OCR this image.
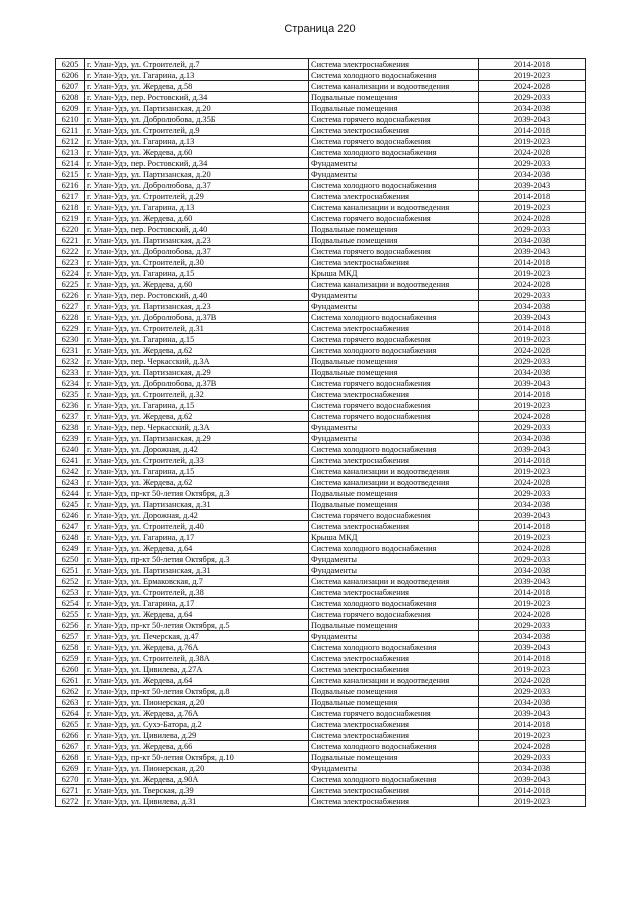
Страница 220
6205	г. Улан-Удэ, ул. Строителей, д.7	Система электроснабжения	2014-2018
6206	г. Улан-Удэ, ул. Гагарина, д.13	Система холодного водоснабжения	2019-2023
6207	г. Улан-Удэ, ул. Жердева, д.58	Система канализации и водоотведения	2024-2028
6208	г. Улан-Удэ, пер. Ростовский, д.34	Подвальные помещения	2029-2033
6209	г. Улан-Удэ, ул. Партизанская, д.20	Подвальные помещения	2034-2038
6210	г. Улан-Удэ, ул. Добролюбова, д.35Б	Система горячего водоснабжения	2039-2043
6211	г. Улан-Удэ, ул. Строителей, д.9	Система электроснабжения	2014-2018
6212	г. Улан-Удэ, ул. Гагарина, д.13	Система горячего водоснабжения	2019-2023
6213	г. Улан-Удэ, ул. Жердева, д.60	Система холодного водоснабжения	2024-2028
6214	г. Улан-Удэ, пер. Ростовский, д.34	Фундаменты	2029-2033
6215	г. Улан-Удэ, ул. Партизанская, д.20	Фундаменты	2034-2038
6216	г. Улан-Удэ, ул. Добролюбова, д.37	Система холодного водоснабжения	2039-2043
6217	г. Улан-Удэ, ул. Строителей, д.29	Система электроснабжения	2014-2018
6218	г. Улан-Удэ, ул. Гагарина, д.13	Система канализации и водоотведения	2019-2023
6219	г. Улан-Удэ, ул. Жердева, д.60	Система горячего водоснабжения	2024-2028
6220	г. Улан-Удэ, пер. Ростовский, д.40	Подвальные помещения	2029-2033
6221	г. Улан-Удэ, ул. Партизанская, д.23	Подвальные помещения	2034-2038
6222	г. Улан-Удэ, ул. Добролюбова, д.37	Система горячего водоснабжения	2039-2043
6223	г. Улан-Удэ, ул. Строителей, д.30	Система электроснабжения	2014-2018
6224	г. Улан-Удэ, ул. Гагарина, д.15	Крыша МКД	2019-2023
6225	г. Улан-Удэ, ул. Жердева, д.60	Система канализации и водоотведения	2024-2028
6226	г. Улан-Удэ, пер. Ростовский, д.40	Фундаменты	2029-2033
6227	г. Улан-Удэ, ул. Партизанская, д.23	Фундаменты	2034-2038
6228	г. Улан-Удэ, ул. Добролюбова, д.37В	Система холодного водоснабжения	2039-2043
6229	г. Улан-Удэ, ул. Строителей, д.31	Система электроснабжения	2014-2018
6230	г. Улан-Удэ, ул. Гагарина, д.15	Система горячего водоснабжения	2019-2023
6231	г. Улан-Удэ, ул. Жердева, д.62	Система холодного водоснабжения	2024-2028
6232	г. Улан-Удэ, пер. Черкасский, д.3А	Подвальные помещения	2029-2033
6233	г. Улан-Удэ, ул. Партизанская, д.29	Подвальные помещения	2034-2038
6234	г. Улан-Удэ, ул. Добролюбова, д.37В	Система горячего водоснабжения	2039-2043
6235	г. Улан-Удэ, ул. Строителей, д.32	Система электроснабжения	2014-2018
6236	г. Улан-Удэ, ул. Гагарина, д.15	Система горячего водоснабжения	2019-2023
6237	г. Улан-Удэ, ул. Жердева, д.62	Система горячего водоснабжения	2024-2028
6238	г. Улан-Удэ, пер. Черкасский, д.3А	Фундаменты	2029-2033
6239	г. Улан-Удэ, ул. Партизанская, д.29	Фундаменты	2034-2038
6240	г. Улан-Удэ, ул. Дорожная, д.42	Система холодного водоснабжения	2039-2043
6241	г. Улан-Удэ, ул. Строителей, д.33	Система электроснабжения	2014-2018
6242	г. Улан-Удэ, ул. Гагарина, д.15	Система канализации и водоотведения	2019-2023
6243	г. Улан-Удэ, ул. Жердева, д.62	Система канализации и водоотведения	2024-2028
6244	г. Улан-Удэ, пр-кт 50-летия Октября, д.3	Подвальные помещения	2029-2033
6245	г. Улан-Удэ, ул. Партизанская, д.31	Подвальные помещения	2034-2038
6246	г. Улан-Удэ, ул. Дорожная, д.42	Система горячего водоснабжения	2039-2043
6247	г. Улан-Удэ, ул. Строителей, д.40	Система электроснабжения	2014-2018
6248	г. Улан-Удэ, ул. Гагарина, д.17	Крыша МКД	2019-2023
6249	г. Улан-Удэ, ул. Жердева, д.64	Система холодного водоснабжения	2024-2028
6250	г. Улан-Удэ, пр-кт 50-летия Октября, д.3	Фундаменты	2029-2033
6251	г. Улан-Удэ, ул. Партизанская, д.31	Фундаменты	2034-2038
6252	г. Улан-Удэ, ул. Ермаковская, д.7	Система канализации и водоотведения	2039-2043
6253	г. Улан-Удэ, ул. Строителей, д.38	Система электроснабжения	2014-2018
6254	г. Улан-Удэ, ул. Гагарина, д.17	Система холодного водоснабжения	2019-2023
6255	г. Улан-Удэ, ул. Жердева, д.64	Система горячего водоснабжения	2024-2028
6256	г. Улан-Удэ, пр-кт 50-летия Октября, д.5	Подвальные помещения	2029-2033
6257	г. Улан-Удэ, ул. Печерская, д.47	Фундаменты	2034-2038
6258	г. Улан-Удэ, ул. Жердева, д.76А	Система холодного водоснабжения	2039-2043
6259	г. Улан-Удэ, ул. Строителей, д.38А	Система электроснабжения	2014-2018
6260	г. Улан-Удэ, ул. Цивилева, д.27А	Система электроснабжения	2019-2023
6261	г. Улан-Удэ, ул. Жердева, д.64	Система канализации и водоотведения	2024-2028
6262	г. Улан-Удэ, пр-кт 50-летия Октября, д.8	Подвальные помещения	2029-2033
6263	г. Улан-Удэ, ул. Пионерская, д.20	Подвальные помещения	2034-2038
6264	г. Улан-Удэ, ул. Жердева, д.76А	Система горячего водоснабжения	2039-2043
6265	г. Улан-Удэ, ул. Сухэ-Батора, д.2	Система электроснабжения	2014-2018
6266	г. Улан-Удэ, ул. Цивилева, д.29	Система электроснабжения	2019-2023
6267	г. Улан-Удэ, ул. Жердева, д.66	Система холодного водоснабжения	2024-2028
6268	г. Улан-Удэ, пр-кт 50-летия Октября, д.10	Подвальные помещения	2029-2033
6269	г. Улан-Удэ, ул. Пионерская, д.20	Фундаменты	2034-2038
6270	г. Улан-Удэ, ул. Жердева, д.90А	Система холодного водоснабжения	2039-2043
6271	г. Улан-Удэ, ул. Тверская, д.39	Система электроснабжения	2014-2018
6272	г. Улан-Удэ, ул. Цивилева, д.31	Система электроснабжения	2019-2023
